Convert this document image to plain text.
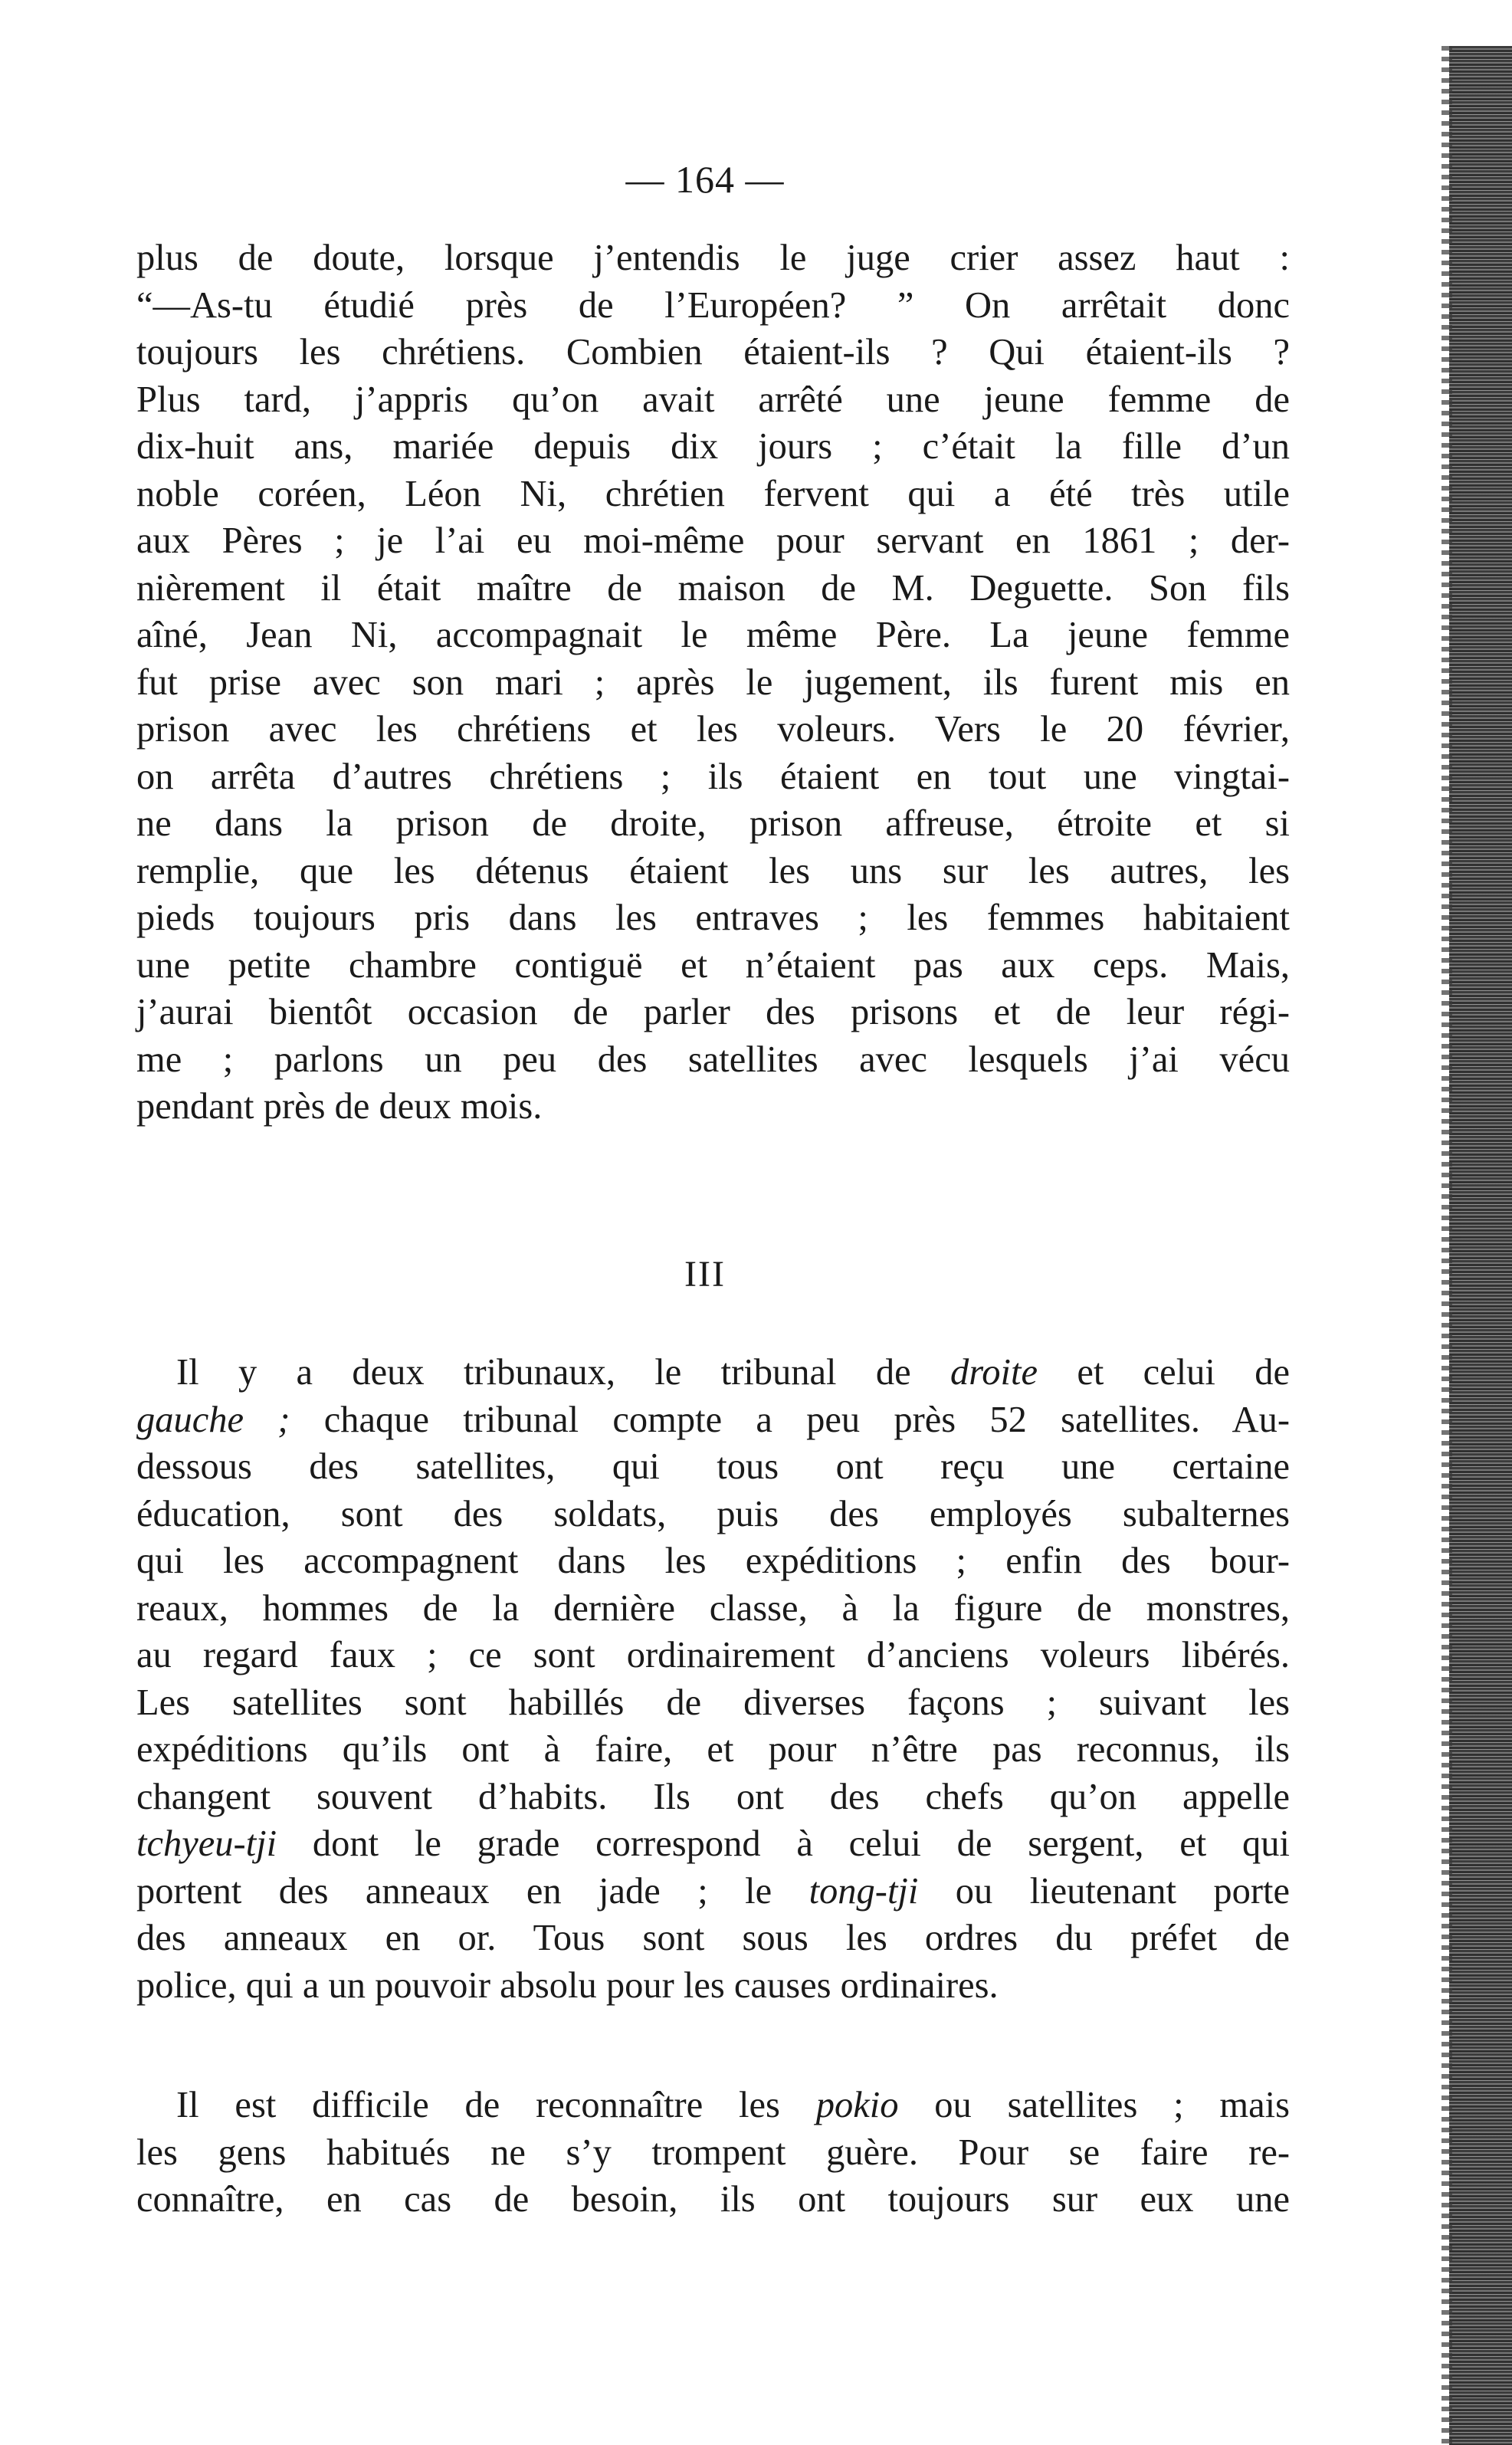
— 164 —
plus de doute, lorsque j’entendis le juge crier assez haut :
“—As-tu étudié près de l’Européen? ” On arrêtait donc
toujours les chrétiens. Combien étaient-ils ? Qui étaient-ils ?
Plus tard, j’appris qu’on avait arrêté une jeune femme de
dix-huit ans, mariée depuis dix jours ; c’était la fille d’un
noble coréen, Léon Ni, chrétien fervent qui a été très utile
aux Pères ; je l’ai eu moi-même pour servant en 1861 ; der-
nièrement il était maître de maison de M. Deguette. Son fils
aîné, Jean Ni, accompagnait le même Père. La jeune femme
fut prise avec son mari ; après le jugement, ils furent mis en
prison avec les chrétiens et les voleurs. Vers le 20 février,
on arrêta d’autres chrétiens ; ils étaient en tout une vingtai-
ne dans la prison de droite, prison affreuse, étroite et si
remplie, que les détenus étaient les uns sur les autres, les
pieds toujours pris dans les entraves ; les femmes habitaient
une petite chambre contiguë et n’étaient pas aux ceps. Mais,
j’aurai bientôt occasion de parler des prisons et de leur régi-
me ; parlons un peu des satellites avec lesquels j’ai vécu
pendant près de deux mois.
III
Il y a deux tribunaux, le tribunal de droite et celui de
gauche ; chaque tribunal compte a peu près 52 satellites. Au-
dessous des satellites, qui tous ont reçu une certaine
éducation, sont des soldats, puis des employés subalternes
qui les accompagnent dans les expéditions ; enfin des bour-
reaux, hommes de la dernière classe, à la figure de monstres,
au regard faux ; ce sont ordinairement d’anciens voleurs libérés.
Les satellites sont habillés de diverses façons ; suivant les
expéditions qu’ils ont à faire, et pour n’être pas reconnus, ils
changent souvent d’habits. Ils ont des chefs qu’on appelle
tchyeu-tji dont le grade correspond à celui de sergent, et qui
portent des anneaux en jade ; le tong-tji ou lieutenant porte
des anneaux en or. Tous sont sous les ordres du préfet de
police, qui a un pouvoir absolu pour les causes ordinaires.
Il est difficile de reconnaître les pokio ou satellites ; mais
les gens habitués ne s’y trompent guère. Pour se faire re-
connaître, en cas de besoin, ils ont toujours sur eux une
